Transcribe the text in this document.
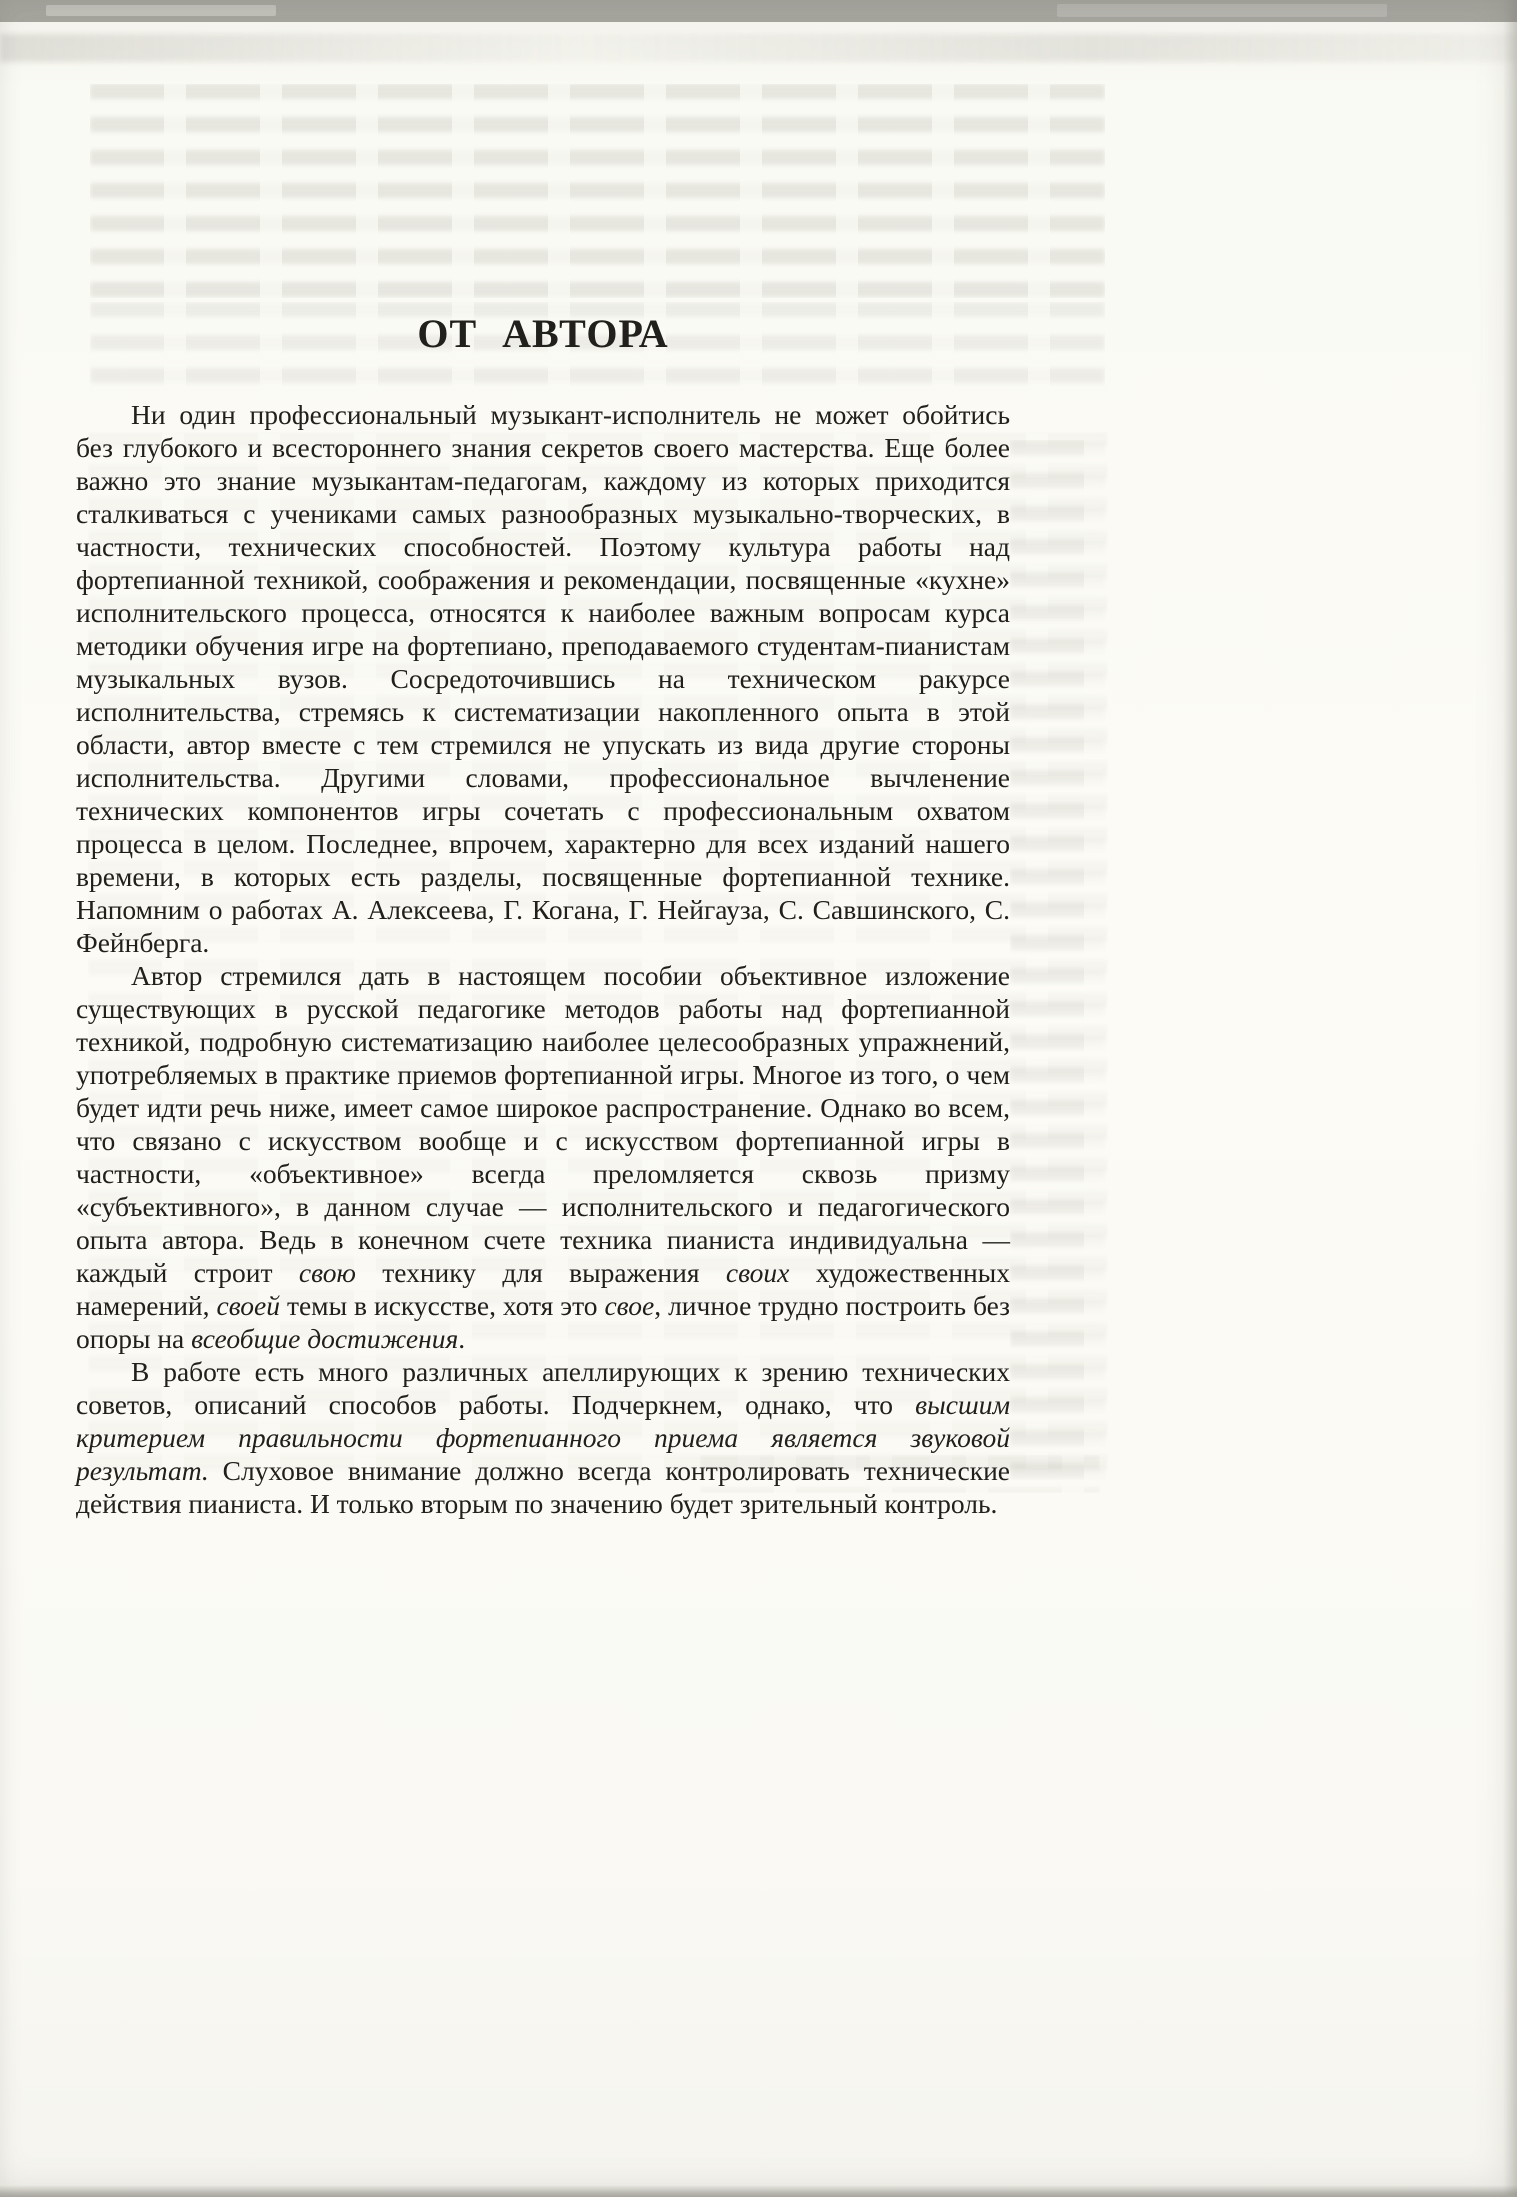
ОТ АВТОРА

Ни один профессиональный музыкант-исполнитель не может обойтись без глубокого и всестороннего знания секретов своего мастерства. Еще более важно это знание музыкантам-педагогам, каждому из которых приходится сталкиваться с учениками самых разнообразных музыкально-творческих, в частности, технических способностей. Поэтому культура работы над фортепианной техникой, соображения и рекомендации, посвященные «кухне» исполнительского процесса, относятся к наиболее важным вопросам курса методики обучения игре на фортепиано, преподаваемого студентам-пианистам музыкальных вузов. Сосредоточившись на техническом ракурсе исполнительства, стремясь к систематизации накопленного опыта в этой области, автор вместе с тем стремился не упускать из вида другие стороны исполнительства. Другими словами, профессиональное вычленение технических компонентов игры сочетать с профессиональным охватом процесса в целом. Последнее, впрочем, характерно для всех изданий нашего времени, в которых есть разделы, посвященные фортепианной технике. Напомним о работах А. Алексеева, Г. Когана, Г. Нейгауза, С. Савшинского, С. Фейнберга.

Автор стремился дать в настоящем пособии объективное изложение существующих в русской педагогике методов работы над фортепианной техникой, подробную систематизацию наиболее целесообразных упражнений, употребляемых в практике приемов фортепианной игры. Многое из того, о чем будет идти речь ниже, имеет самое широкое распространение. Однако во всем, что связано с искусством вообще и с искусством фортепианной игры в частности, «объективное» всегда преломляется сквозь призму «субъективного», в данном случае — исполнительского и педагогического опыта автора. Ведь в конечном счете техника пианиста индивидуальна — каждый строит свою технику для выражения своих художественных намерений, своей темы в искусстве, хотя это свое, личное трудно построить без опоры на всеобщие достижения.

В работе есть много различных апеллирующих к зрению технических советов, описаний способов работы. Подчеркнем, однако, что высшим критерием правильности фортепианного приема является звуковой результат. Слуховое внимание должно всегда контролировать технические действия пианиста. И только вторым по значению будет зрительный контроль.
